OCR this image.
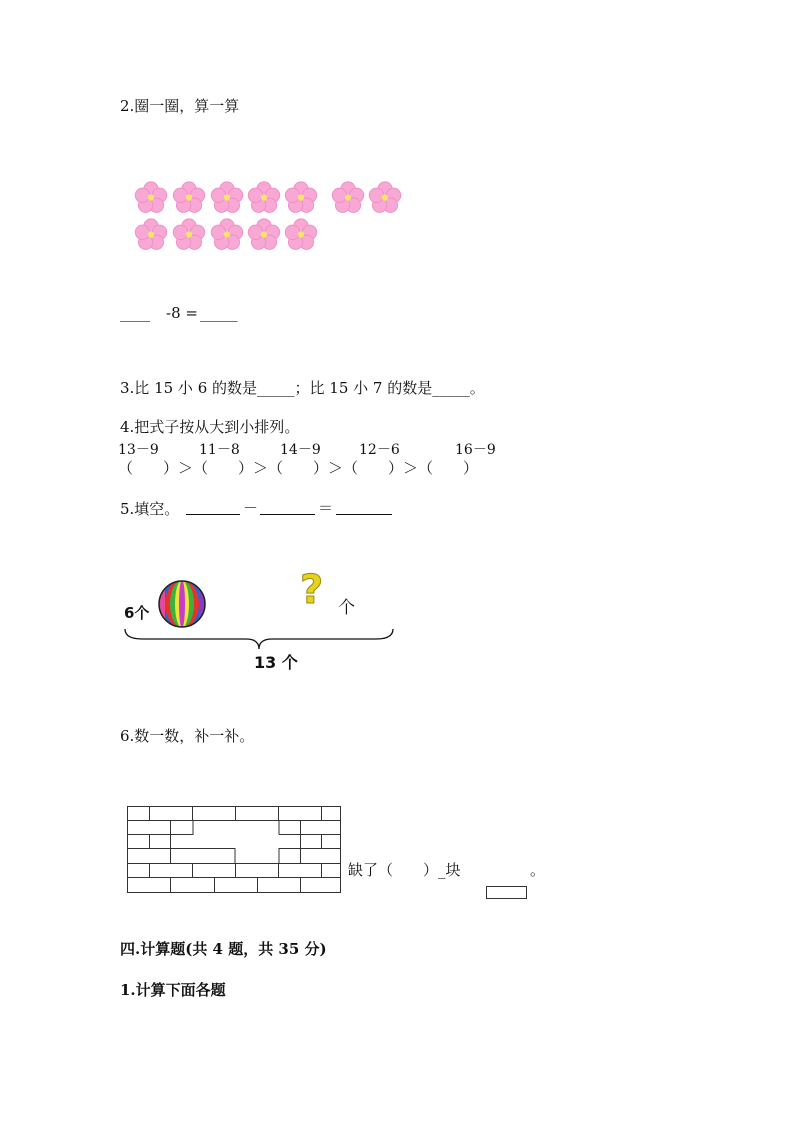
2.圈一圈，算一算
____ -8 = _____
3.比 15 小 6 的数是_____；比 15 小 7 的数是_____。
4.把式子按从大到小排列。
13－9	11－8	14－9	12－6	16－9
（　　）＞（　　）＞（　　）＞（　　）＞（　　）
5.填空。	－	＝
6个	? 个
13 个
6.数一数，补一补。
缺了（　　）_块	。
四.计算题(共 4 题，共 35 分)
1.计算下面各题
